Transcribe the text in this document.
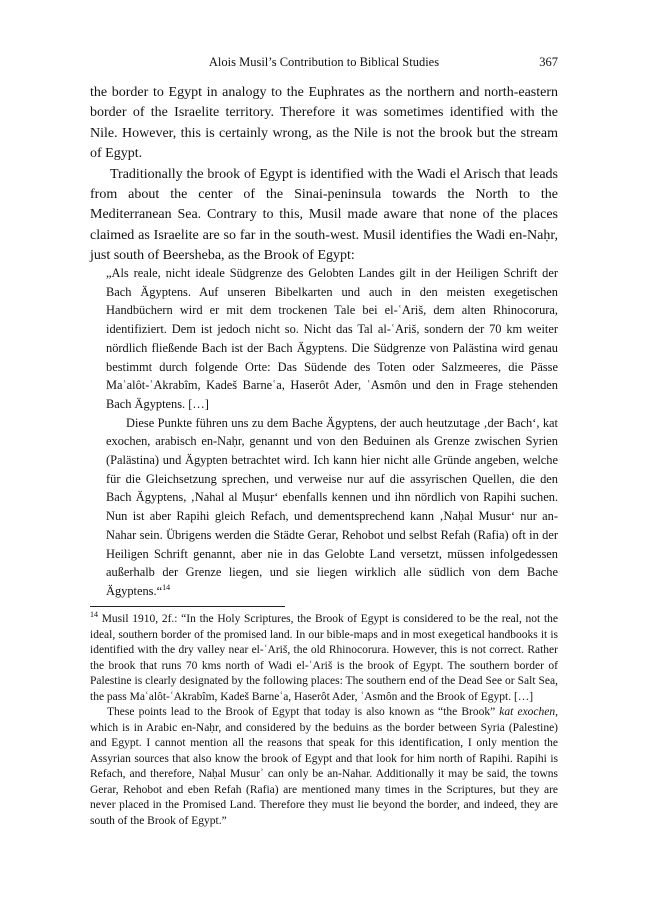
Alois Musil’s Contribution to Biblical Studies	367

the border to Egypt in analogy to the Euphrates as the northern and north-eastern border of the Israelite territory. Therefore it was sometimes identified with the Nile. However, this is certainly wrong, as the Nile is not the brook but the stream of Egypt.

Traditionally the brook of Egypt is identified with the Wadi el Arisch that leads from about the center of the Sinai-peninsula towards the North to the Mediterranean Sea. Contrary to this, Musil made aware that none of the places claimed as Israelite are so far in the south-west. Musil identifies the Wadi en-Naḥr, just south of Beersheba, as the Brook of Egypt:

„Als reale, nicht ideale Südgrenze des Gelobten Landes gilt in der Heiligen Schrift der Bach Ägyptens. Auf unseren Bibelkarten und auch in den meisten exegetischen Handbüchern wird er mit dem trockenen Tale bei el-ʿAriš, dem alten Rhinocorura, identifiziert. Dem ist jedoch nicht so. Nicht das Tal al-ʿAriš, sondern der 70 km weiter nördlich fließende Bach ist der Bach Ägyptens. Die Südgrenze von Palästina wird genau bestimmt durch folgende Orte: Das Südende des Toten oder Salzmeeres, die Pässe Maʿalôt-ʿAkrabîm, Kadeš Barneʿa, Haserôt Ader, ʿAsmôn und den in Frage stehenden Bach Ägyptens. […]

Diese Punkte führen uns zu dem Bache Ägyptens, der auch heutzutage ‚der Bach‘, kat exochen, arabisch en-Naḥr, genannt und von den Beduinen als Grenze zwischen Syrien (Palästina) und Ägypten betrachtet wird. Ich kann hier nicht alle Gründe angeben, welche für die Gleichsetzung sprechen, und verweise nur auf die assyrischen Quellen, die den Bach Ägyptens, ‚Nahal al Muṣur‘ ebenfalls kennen und ihn nördlich von Rapihi suchen. Nun ist aber Rapihi gleich Refach, und dementsprechend kann ‚Naḥal Musur‘ nur an-Nahar sein. Übrigens werden die Städte Gerar, Rehobot und selbst Refah (Rafia) oft in der Heiligen Schrift genannt, aber nie in das Gelobte Land versetzt, müssen infolgedessen außerhalb der Grenze liegen, und sie liegen wirklich alle südlich von dem Bache Ägyptens.“$^{14}$

$^{14}$ Musil 1910, 2f.: “In the Holy Scriptures, the Brook of Egypt is considered to be the real, not the ideal, southern border of the promised land. In our bible-maps and in most exegetical handbooks it is identified with the dry valley near el-ʿAriš, the old Rhinocorura. However, this is not correct. Rather the brook that runs 70 kms north of Wadi el-ʿAriš is the brook of Egypt. The southern border of Palestine is clearly designated by the following places: The southern end of the Dead See or Salt Sea, the pass Maʿalôt-ʿAkrabîm, Kadeš Barneʿa, Haserôt Ader, ʿAsmôn and the Brook of Egypt. […]

These points lead to the Brook of Egypt that today is also known as “the Brook” kat exochen, which is in Arabic en-Naḥr, and considered by the beduins as the border between Syria (Palestine) and Egypt. I cannot mention all the reasons that speak for this identification, I only mention the Assyrian sources that also know the brook of Egypt and that look for him north of Rapihi. Rapihi is Refach, and therefore, Naḥal Musurʾ can only be an-Nahar. Additionally it may be said, the towns Gerar, Rehobot and eben Refah (Rafia) are mentioned many times in the Scriptures, but they are never placed in the Promised Land. Therefore they must lie beyond the border, and indeed, they are south of the Brook of Egypt.”
